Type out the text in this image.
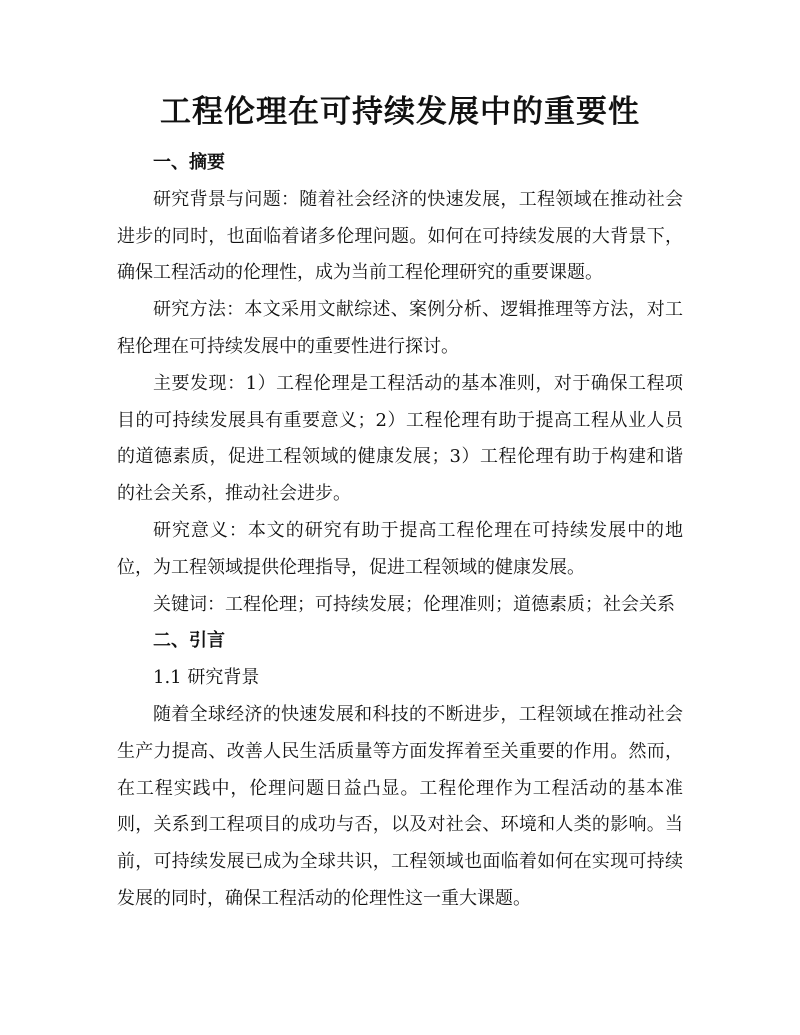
工程伦理在可持续发展中的重要性
一、摘要

研究背景与问题：随着社会经济的快速发展，工程领域在推动社会进步的同时，也面临着诸多伦理问题。如何在可持续发展的大背景下，确保工程活动的伦理性，成为当前工程伦理研究的重要课题。

研究方法：本文采用文献综述、案例分析、逻辑推理等方法，对工程伦理在可持续发展中的重要性进行探讨。

主要发现：1）工程伦理是工程活动的基本准则，对于确保工程项目的可持续发展具有重要意义；2）工程伦理有助于提高工程从业人员的道德素质，促进工程领域的健康发展；3）工程伦理有助于构建和谐的社会关系，推动社会进步。

研究意义：本文的研究有助于提高工程伦理在可持续发展中的地位，为工程领域提供伦理指导，促进工程领域的健康发展。

关键词：工程伦理；可持续发展；伦理准则；道德素质；社会关系

二、引言

1.1 研究背景

随着全球经济的快速发展和科技的不断进步，工程领域在推动社会生产力提高、改善人民生活质量等方面发挥着至关重要的作用。然而，在工程实践中，伦理问题日益凸显。工程伦理作为工程活动的基本准则，关系到工程项目的成功与否，以及对社会、环境和人类的影响。当前，可持续发展已成为全球共识，工程领域也面临着如何在实现可持续发展的同时，确保工程活动的伦理性这一重大课题。
